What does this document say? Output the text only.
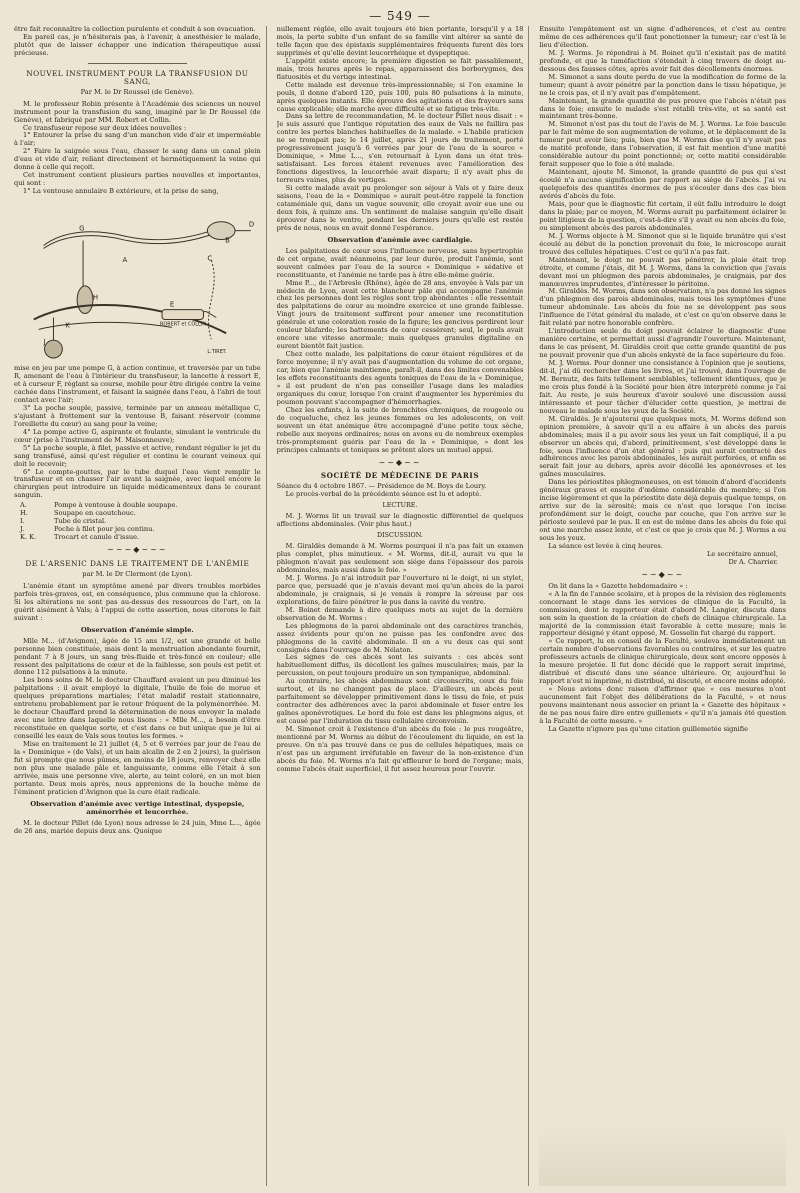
— 549 —

être fait reconnaître la collection purulente et conduit à son évacuation.

En pareil cas, je n'hésiterais pas, à l'avenir, à anesthésier le malade, plutôt que de laisser échapper une indication thérapeutique aussi précieuse.

NOUVEL INSTRUMENT POUR LA TRANSFUSION DU SANG,
Par M. le Dr Roussel (de Genève).

M. le professeur Robin présente à l'Académie des sciences un nouvel instrument pour la transfusion du sang, imaginé par le Dr Roussel (de Genève), et fabriqué par MM. Robert et Collin.

Ce transfuseur repose sur deux idées nouvelles :

1° Entourer la prise du sang d'un manchon vide d'air et imperméable à l'air;

2° Faire la saignée sous l'eau, chasser le sang dans un canal plein d'eau et vide d'air, reliant directement et hermétiquement la veine qui donne à celle qui reçoit.

Cet instrument contient plusieurs parties nouvelles et importantes, qui sont :

1° La ventouse annulaire B extérieure, et la prise de sang,

G
A
B
C
D
E
H
J
K	ROBERT et COLLIN
L.TIRET.

mise en jeu par une pompe G, à action continue, et traversée par un tube R, amenant de l'eau à l'intérieur du transfuseur, la lancette à ressort E, et à curseur F, réglant sa course, mobile pour être dirigée contre la veine cachée dans l'instrument, et faisant la saignée dans l'eau, à l'abri de tout contact avec l'air;

3° La poche souple, passive, terminée par un anneau métallique C, s'ajustant à frottement sur la ventouse B, faisant réservoir (comme l'oreillette du cœur) au sang pour la veine;

4° La pompe active G, aspirante et foulante, simulant le ventricule du cœur (prise à l'instrument de M. Maisonneuve);

5° La poche souple, à filet, passive et active, rendant régulier le jet du sang transfusé, ainsi qu'est régulier et continu le courant veineux qui doit le recevoir;

6° Le compte-gouttes, par le tube duquel l'eau vient remplir le transfuseur et en chasser l'air avant la saignée, avec lequel encore le chirurgien peut introduire un liquide médicamenteux dans le courant sanguin.

A.	Pompe à ventouse à double soupape.
H.	Soupape en caoutchouc.
I.	Tube de cristal.
J.	Poche à filet pour jeu continu.
K. K.	Trocart et canule d'issue.
~~~◆~~~
DE L'ARSENIC DANS LE TRAITEMENT DE L'ANÉMIE
par M. le Dr Clermont (de Lyon).

L'anémie étant un symptôme amené par divers troubles morbides parfois très-graves, est, en conséquence, plus commune que la chlorose. Si les altérations ne sont pas au-dessus des ressources de l'art, on la guérit aisément à Vals; à l'appui de cette assertion, nous citerons le fait suivant :

Observation d'anémie simple.

Mlle M... (d'Avignon), âgée de 15 ans 1/2, est une grande et belle personne bien constituée, mais dont la menstruation abondante fournit, pendant 7 à 8 jours, un sang très-fluide et très-foncé en couleur; elle ressent des palpitations de cœur et de la faiblesse, son pouls est petit et donne 112 pulsations à la minute.

Les bons soins de M. le docteur Chauffard avaient un peu diminué les palpitations : il avait employé la digitale, l'huile de foie de morue et quelques préparations martiales; l'état maladif restait stationnaire, entretenu probablement par le retour fréquent de la polyménorrhée. M. le docteur Chauffard prend la détermination de nous envoyer la malade avec une lettre dans laquelle nous lisons : « Mlle M..., a besoin d'être reconstituée en quelque sorte, et c'est dans ce but unique que je lui ai conseillé les eaux de Vals sous toutes les formes. »

Mise en traitement le 21 juillet (4, 5 et 6 verrées par jour de l'eau de la « Dominique » (de Vals), et un bain alcalin de 2 en 2 jours), la guérison fut si prompte que nous pûmes, en moins de 18 jours, renvoyer chez elle non plus une malade pâle et languissante, comme elle l'était à son arrivée, mais une personne vive, alerte, au teint coloré, en un mot bien portante. Deux mois après, nous apprenions de la bouche même de l'éminent praticien d'Avignon que la cure était radicale.

Observation d'anémie avec vertige intestinal, dyspepsie, aménorrhée et leucorrhée.

M. le docteur Pillet (de Lyon) nous adresse le 24 juin, Mme L..., âgée de 26 ans, mariée depuis deux ans. Quoique

nullement réglée, elle avait toujours été bien portante, lorsqu'il y a 18 mois, la perte subite d'un enfant de sa famille vint altérer sa santé de telle façon que des épistaxis supplémentaires fréquents furent dès lors supprimés et qu'elle devint leucorrhéique et dyspeptique.

L'appétit existe encore; la première digestion se fait passablement, mais, trois heures après le repas, apparaissent des borborygmes, des flatuosités et du vertige intestinal.

Cette malade est devenue très-impressionnable; si l'on examine le pouls, il donne d'abord 120, puis 100, puis 80 pulsations à la minute, après quelques instants. Elle éprouve des agitations et des frayeurs sans cause explicable; elle marche avec difficulté et se fatigue très-vite.

Dans sa lettre de recommandation, M. le docteur Pillet nous disait : « Je suis assuré que l'antique réputation des eaux de Vals ne faillira pas contre les pertes blanches habituelles de la malade. » L'habile praticien ne se trompait pas; le 14 juillet, après 21 jours de traitement, porté progressivement jusqu'à 6 verrées par jour de l'eau de la source « Dominique, » Mme L..., s'en retournait à Lyon dans un état très-satisfaisant. Les forces étaient revenues avec l'amélioration des fonctions digestives, la leucorrhée avait disparu; il n'y avait plus de terreurs vaines, plus de vertiges.

Si cette malade avait pu prolonger son séjour à Vals et y faire deux saisons, l'eau de la « Dominique » aurait peut-être rappelé la fonction cataméniale qui, dans un vague souvenir, elle croyait avoir eue une ou deux fois, à quinze ans. Un sentiment de malaise sanguin qu'elle disait éprouver dans le ventre, pendant les derniers jours qu'elle est restée près de nous, nous en avait donné l'espérance.

Observation d'anémie avec cardialgie.

Les palpitations de cœur sous l'influence nerveuse, sans hypertrophie de cet organe, avait néanmoins, par leur durée, produit l'anémie, sont souvent calmées par l'eau de la source « Dominique » sédative et reconstituante, et l'anémie ne tarde pas à être elle-même guérie.

Mme P..., de l'Arbresle (Rhône), âgée de 28 ans, envoyée à Vals par un médecin de Lyon, avait cette blancheur pâle qui accompagne l'anémie chez les personnes dont les règles sont trop abondantes : elle ressentait des palpitations de cœur au moindre exercice et une grande faiblesse. Vingt jours de traitement suffirent pour amener une reconstitution générale et une coloration rosée de la figure; les gencives perdirent leur couleur blafarde; les battements de cœur cessèrent; seul, le pouls avait encore une vitesse anormale; mais quelques granules digitaline en eurent bientôt fait justice.

Chez cette malade, les palpitations de cœur étaient régulières et de force moyenne; il n'y avait pas d'augmentation du volume de cet organe, car, bien que l'anémie maintienne, paraît-il, dans des limites convenables les effets reconstituants des agents toniques de l'eau de la « Dominique, » il est prudent de n'en pas conseiller l'usage dans les maladies organiques du cœur, lorsque l'on craint d'augmenter les hyperémies du poumon pouvant s'accompagner d'hémorrhagies.

Chez les enfants, à la suite de bronchites chroniques, de rougeole ou de coqueluche, chez les jeunes femmes ou les adolescents, on voit souvent un état anémique être accompagné d'une petite toux sèche, rebelle aux moyens ordinaires; nous en avons eu de nombreux exemples très-promptement guéris par l'eau de la « Dominique, » dont les principes calmants et toniques se prêtent alors un mutuel appui.

~~◆~~
SOCIÉTÉ DE MÉDECINE DE PARIS

Séance du 4 octobre 1867. — Présidence de M. Boys de Loury.

Le procès-verbal de la précédente séance est lu et adopté.

LECTURE.

M. J. Worms lit un travail sur le diagnostic différentiel de quelques affections abdominales. (Voir plus haut.)

DISCUSSION.

M. Giraldès demande à M. Worms pourquoi il n'a pas fait un examen plus complet, plus minutieux. « M. Worms, dit-il, aurait vu que le phlegmon n'avait pas seulement son siége dans l'épaisseur des parois abdominales, mais aussi dans le foie. »

M. J. Worms. Je n'ai introduit par l'ouverture ni le doigt, ni un stylet, parce que, persuadé que je n'avais devant moi qu'un abcès de la paroi abdominale, je craignais, si je venais à rompre la séreuse par ces explorations, de faire pénétrer le pus dans la cavité du ventre.

M. Boinet demande à dire quelques mots au sujet de la dernière observation de M. Worms :

Les phlegmons de la paroi abdominale ont des caractères tranchés, assez évidents pour qu'on ne puisse pas les confondre avec des phlegmons de la cavité abdominale. Il en a vu deux cas qui sont consignés dans l'ouvrage de M. Nélaton.

Les signes de ces abcès sont les suivants : ces abcès sont habituellement diffus, ils décollent les gaînes musculaires; mais, par la percussion, on peut toujours produire un son tympanique, abdominal.

Au contraire, les abcès abdominaux sont circonscrits, ceux du foie surtout, et ils ne changent pas de place. D'ailleurs, un abcès peut parfaitement se développer primitivement dans le tissu de foie, et puis contracter des adhérences avec la paroi abdominale et fuser entre les gaînes aponévrotiques. Le bord du foie est dans les phlegmons aigus, et est causé par l'induration du tissu cellulaire circonvoisin.

M. Simonot croit à l'existence d'un abcès du foie : le pus rougeâtre, mentionné par M. Worms au début de l'écoulement du liquide, en est la preuve. On n'a pas trouvé dans ce pus de cellules hépatiques, mais ce n'est pas un argument irréfutable en faveur de la non-existence d'un abcès du foie. M. Worms n'a fait qu'effleurer le bord de l'organe; mais, comme l'abcès était superficiel, il fut assez heureux pour l'ouvrir.

Ensuite l'empâtement est un signe d'adhérences, et c'est au centre même de ces adhérences qu'il faut ponctionner la tumeur; car c'est là le lieu d'élection.

M. J. Worms. Je répondrai à M. Boinet qu'il n'existait pas de matité profonde, et que la tuméfaction s'étendait à cinq travers de doigt au-dessous des fausses côtes, après avoir fait des décollements énormes.

M. Simonot a sans doute perdu de vue la modification de forme de la tumeur; quant à avoir pénétré par la ponction dans le tissu hépatique, je ne le crois pas, et il n'y avait pas d'empâtement.

Maintenant, la grande quantité de pus prouve que l'abcès n'était pas dans le foie; ensuite le malade s'est rétabli très-vite, et sa santé est maintenant très-bonne.

M. Simonot n'est pas du tout de l'avis de M. J. Worms. Le foie bascule par le fait même de son augmentation de volume, et le déplacement de la tumeur peut avoir lieu; puis, bien que M. Worms dise qu'il n'y avait pas de matité profonde, dans l'observation, il est fait mention d'une matité considérable autour du point ponctionné; or, cette matité considérable ferait supposer que le foie a été malade.

Maintenant, ajoute M. Simonot, la grande quantité de pus qui s'est écoulé n'a aucune signification par rapport au siége de l'abcès. J'ai vu quelquefois des quantités énormes de pus s'écouler dans des cas bien avérés d'abcès du foie.

Mais, pour que le diagnostic fût certain, il eût fallu introduire le doigt dans la plaie; par ce moyen, M. Worms aurait pu parfaitement éclairer le point litigieux de la question, c'est-à-dire s'il y avait ou non abcès du foie, ou simplement abcès des parois abdominales.

M. J. Worms objecte à M. Simonot que si le liquide brunâtre qui s'est écoulé au début de la ponction provenait du foie, le microscope aurait trouvé des cellules hépatiques. C'est ce qu'il n'a pas fait.

Maintenant, le doigt ne pouvait pas pénétrer, la plaie était trop étroite, et comme j'étais, dit M. J. Worms, dans la conviction que j'avais devant moi un phlegmon des parois abdominales, je craignais, par des manœuvres imprudentes, d'intéresser le péritoine.

M. Giraldès. M. Worms, dans son observation, n'a pas donné les signes d'un phlegmon des parois abdominales, mais tous les symptômes d'une tumeur abdominale. Les abcès du foie ne se développent pas sous l'influence de l'état général du malade, et c'est ce qu'on observe dans le fait relaté par notre honorable confrère.

L'introduction seule du doigt pouvait éclairer le diagnostic d'une manière certaine, et permettait aussi d'agrandir l'ouverture. Maintenant, dans le cas présent, M. Giraldès croit que cette grande quantité de pus ne pouvait provenir que d'un abcès enkysté de la face supérieure du foie.

M. J. Worms. Pour donner une consistance à l'opinion que je soutiens, dit-il, j'ai dû rechercher dans les livres, et j'ai trouvé, dans l'ouvrage de M. Bernutz, des faits tellement semblables, tellement identiques, que je me crois plus fondé à la Société pour bien être interprété comme je l'ai fait. Au reste, je suis heureux d'avoir soulevé une discussion aussi intéressante et pour tâcher d'élucider cette question, je mettrai de nouveau le malade sous les yeux de la Société.

M. Giraldès. Je n'ajouterai que quelques mots, M. Worms défend son opinion première, à savoir qu'il a eu affaire à un abcès des parois abdominales; mais il a pu avoir sous les yeux un fait compliqué, il a pu observer un abcès qui, d'abord, primitivement, s'est développé dans le foie, sous l'influence d'un état général : puis qui aurait contracté des adhérences avec les parois abdominales, les aurait perforées, et enfin se serait fait jour au dehors, après avoir décollé les aponévroses et les gaînes musculaires.

Dans les périostites phlegmoneuses, on est témoin d'abord d'accidents généraux graves et ensuite d'œdème considérable du membre; si l'on incise légèrement et que la périostite date déjà depuis quelque temps, on arrive sur de la sérosité; mais ce n'est que lorsque l'on incise profondément sur le doigt, couche par couche, que l'on arrive sur le périoste soulevé par le pus. Il en est de même dans les abcès du foie qui ont une marche assez lente, et c'est ce que je crois que M. J. Worms a eu sous les yeux.

La séance est levée à cinq heures.

Le secrétaire annuel,
Dr A. Charrier.
~~◆~~

On lit dans la « Gazette hebdomadaire » :

« A la fin de l'année scolaire, et à propos de la révision des règlements concernant le stage dans les services de clinique de la Faculté, la commission, dont le rapporteur était d'abord M. Langier, discuta dans son sein la question de la création de chefs de clinique chirurgicale. La majorité de la commission était favorable à cette mesure; mais le rapporteur désigné y étant opposé, M. Gosselin fut chargé du rapport.

» Ce rapport, lu en conseil de la Faculté, souleva immédiatement un certain nombre d'observations favorables ou contraires, et sur les quatre professeurs actuels de clinique chirurgicale, deux sont encore opposés à la mesure projetée. Il fut donc décidé que le rapport serait imprimé, distribué et discuté dans une séance ultérieure. Or, aujourd'hui le rapport n'est ni imprimé, ni distribué, ni discuté, et encore moins adopté.

» Nous avions donc raison d'affirmer que « ces mesures n'ont aucunement fait l'objet des délibérations de la Faculté, » et nous pouvons maintenant nous associer en priant la « Gazette des hôpitaux » de ne pas nous faire dire entre guillemets « qu'il n'a jamais été question à la Faculté de cette mesure. »

La Gazette n'ignore pas qu'une citation guillemetée signifie
